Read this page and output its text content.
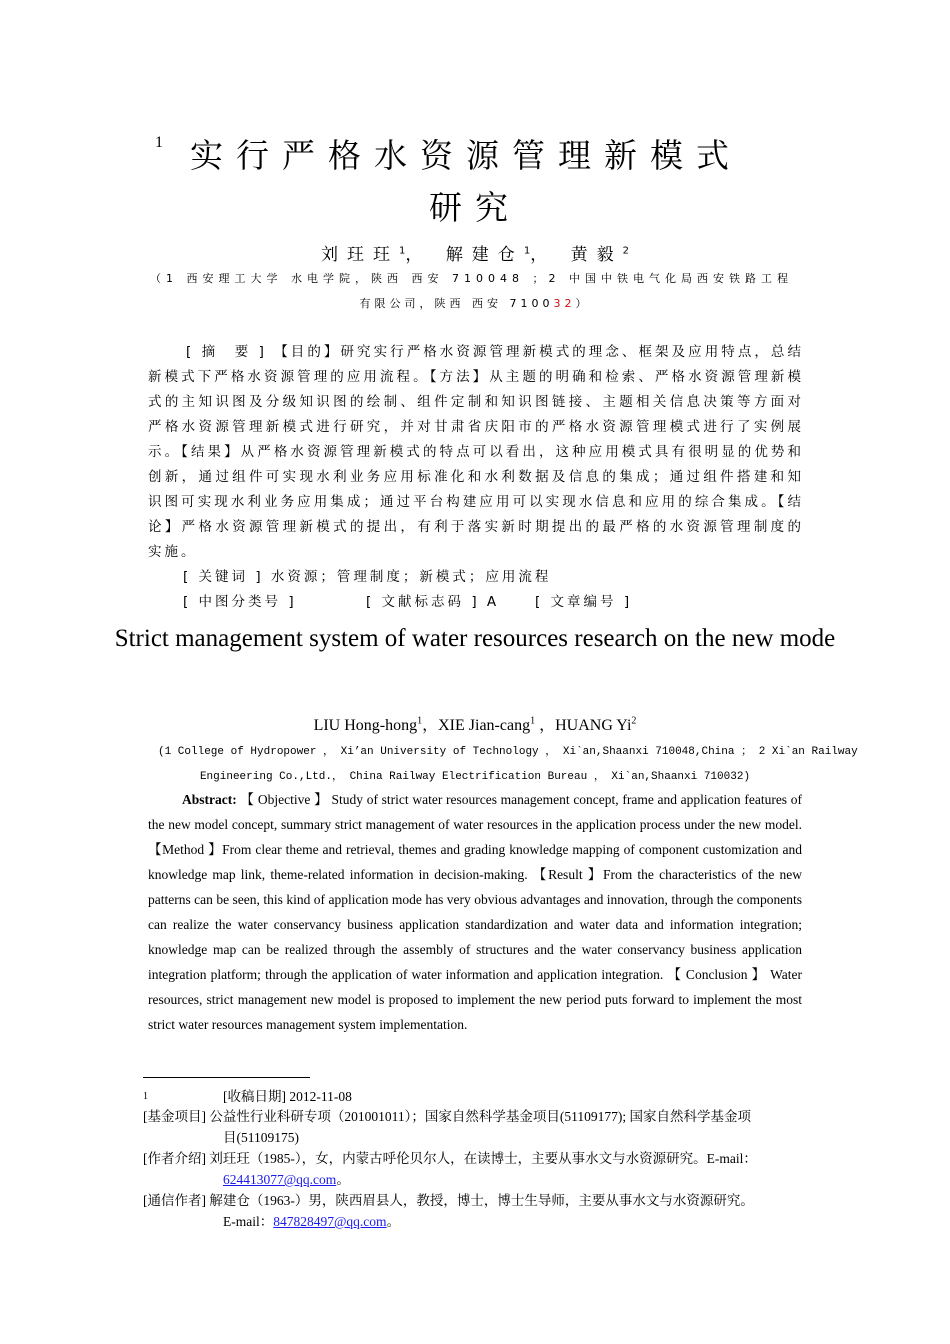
1 实行严格水资源管理新模式
研究
刘玨玨$^1$， 解建仓$^1$， 黄毅$^2$
（1 西安理工大学 水电学院，陕西 西安 710048 ；2 中国中铁电气化局西安铁路工程
有限公司，陕西 西安 710032）
[ 摘　要 ] 【目的】研究实行严格水资源管理新模式的理念、框架及应用特点，总结新模式下严格水资源管理的应用流程。【方法】从主题的明确和检索、严格水资源管理新模式的主知识图及分级知识图的绘制、组件定制和知识图链接、主题相关信息决策等方面对严格水资源管理新模式进行研究，并对甘肃省庆阳市的严格水资源管理模式进行了实例展示。【结果】从严格水资源管理新模式的特点可以看出，这种应用模式具有很明显的优势和创新，通过组件可实现水利业务应用标准化和水利数据及信息的集成；通过组件搭建和知识图可实现水利业务应用集成；通过平台构建应用可以实现水信息和应用的综合集成。【结论】严格水资源管理新模式的提出，有利于落实新时期提出的最严格的水资源管理制度的实施。
[ 关键词 ] 水资源；管理制度；新模式；应用流程
[ 中图分类号 ]	[ 文献标志码 ] A	[ 文章编号 ]
Strict management system of water resources research on the new mode
LIU Hong-hong$^1$，XIE Jian-cang$^1$ ，HUANG Yi$^2$
(1 College of Hydropower ， Xi’an University of Technology ， Xi`an,Shaanxi 710048,China ； 2 Xi`an Railway
Engineering Co.,Ltd.， China Railway Electrification Bureau ， Xi`an,Shaanxi 710032)
Abstract: 【 Objective 】 Study of strict water resources management concept, frame and application features of the new model concept, summary strict management of water resources in the application process under the new model. 【Method 】From clear theme and retrieval, themes and grading knowledge mapping of component customization and knowledge map link, theme-related information in decision-making. 【Result 】From the characteristics of the new patterns can be seen, this kind of application mode has very obvious advantages and innovation, through the components can realize the water conservancy business application standardization and water data and information integration; knowledge map can be realized through the assembly of structures and the water conservancy business application integration platform; through the application of water information and application integration. 【 Conclusion 】 Water resources, strict management new model is proposed to implement the new period puts forward to implement the most strict water resources management system implementation.
1	[收稿日期] 2012-11-08
[基金项目] 公益性行业科研专项（201001011）；国家自然科学基金项目(51109177); 国家自然科学基金项
目(51109175)
[作者介绍] 刘玨玨（1985-），女，内蒙古呼伦贝尔人，在读博士，主要从事水文与水资源研究。E-mail：
624413077@qq.com。
[通信作者] 解建仓（1963-）男，陕西眉县人，教授，博士，博士生导师，主要从事水文与水资源研究。
E-mail：847828497@qq.com。
